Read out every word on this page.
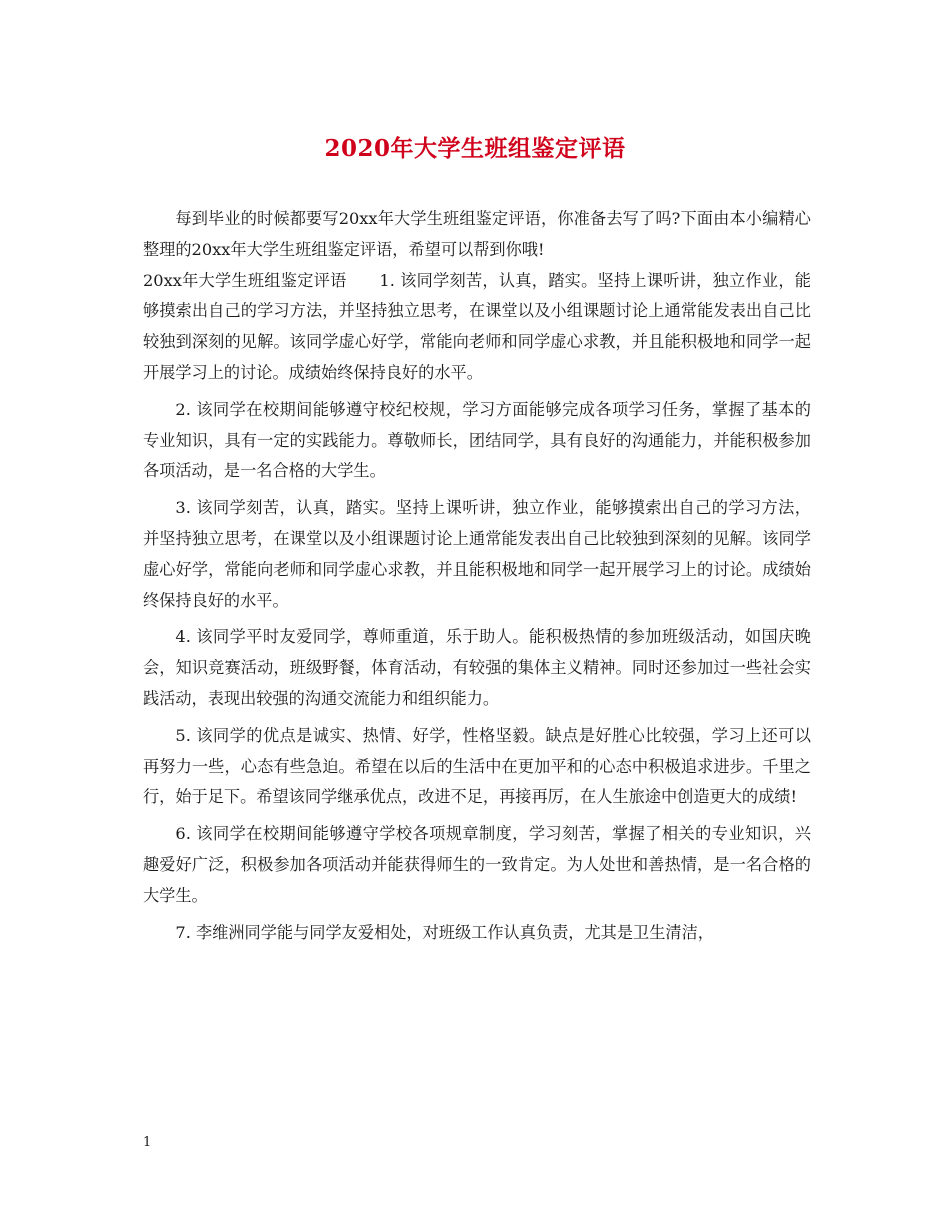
2020年大学生班组鉴定评语

每到毕业的时候都要写20xx年大学生班组鉴定评语，你准备去写了吗?下面由本小编精心整理的20xx年大学生班组鉴定评语，希望可以帮到你哦!

20xx年大学生班组鉴定评语　　1. 该同学刻苦，认真，踏实。坚持上课听讲，独立作业，能够摸索出自己的学习方法，并坚持独立思考，在课堂以及小组课题讨论上通常能发表出自己比较独到深刻的见解。该同学虚心好学，常能向老师和同学虚心求教，并且能积极地和同学一起开展学习上的讨论。成绩始终保持良好的水平。

2. 该同学在校期间能够遵守校纪校规，学习方面能够完成各项学习任务，掌握了基本的专业知识，具有一定的实践能力。尊敬师长，团结同学，具有良好的沟通能力，并能积极参加各项活动，是一名合格的大学生。

3. 该同学刻苦，认真，踏实。坚持上课听讲，独立作业，能够摸索出自己的学习方法，并坚持独立思考，在课堂以及小组课题讨论上通常能发表出自己比较独到深刻的见解。该同学虚心好学，常能向老师和同学虚心求教，并且能积极地和同学一起开展学习上的讨论。成绩始终保持良好的水平。

4. 该同学平时友爱同学，尊师重道，乐于助人。能积极热情的参加班级活动，如国庆晚会，知识竞赛活动，班级野餐，体育活动，有较强的集体主义精神。同时还参加过一些社会实践活动，表现出较强的沟通交流能力和组织能力。

5. 该同学的优点是诚实、热情、好学，性格坚毅。缺点是好胜心比较强，学习上还可以再努力一些，心态有些急迫。希望在以后的生活中在更加平和的心态中积极追求进步。千里之行，始于足下。希望该同学继承优点，改进不足，再接再厉，在人生旅途中创造更大的成绩!

6. 该同学在校期间能够遵守学校各项规章制度，学习刻苦，掌握了相关的专业知识，兴趣爱好广泛，积极参加各项活动并能获得师生的一致肯定。为人处世和善热情，是一名合格的大学生。

7. 李维洲同学能与同学友爱相处，对班级工作认真负责，尤其是卫生清洁，

1
